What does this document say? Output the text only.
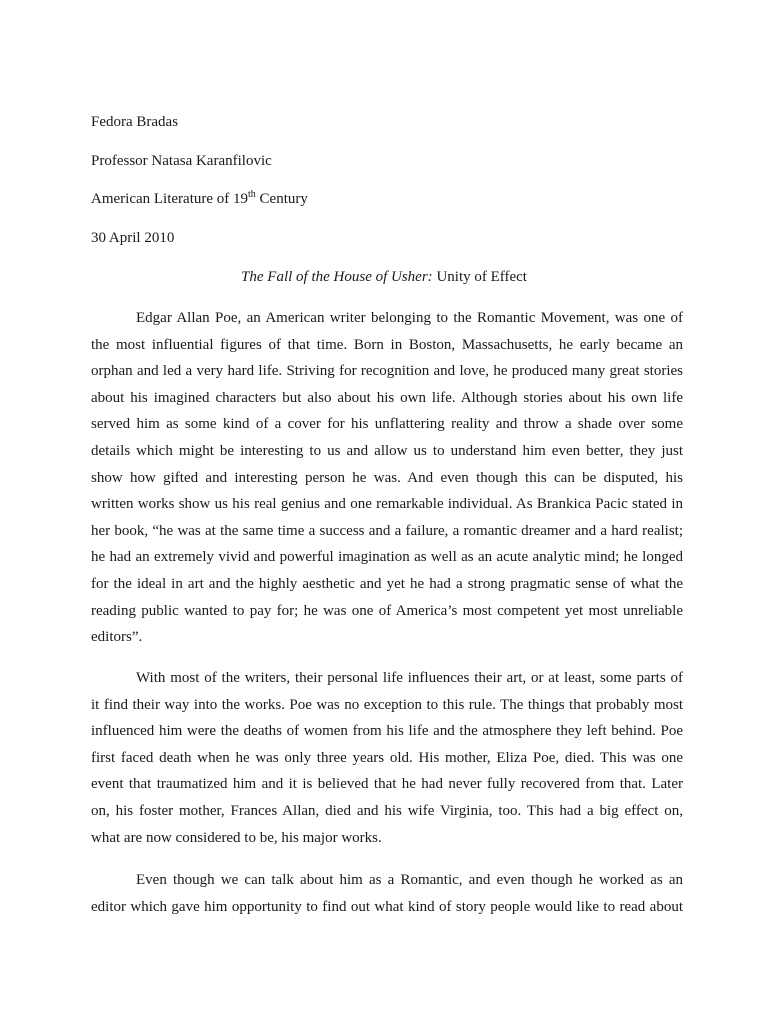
Fedora Bradas
Professor Natasa Karanfilovic
American Literature of 19th Century
30 April 2010
The Fall of the House of Usher: Unity of Effect
Edgar Allan Poe, an American writer belonging to the Romantic Movement, was one of
the most influential figures of that time. Born in Boston, Massachusetts, he early became an
orphan and led a very hard life. Striving for recognition and love, he produced many great stories
about his imagined characters but also about his own life. Although stories about his own life
served him as some kind of a cover for his unflattering reality and throw a shade over some
details which might be interesting to us and allow us to understand him even better, they just
show how gifted and interesting person he was. And even though this can be disputed, his
written works show us his real genius and one remarkable individual. As Brankica Pacic stated in
her book, “he was at the same time a success and a failure, a romantic dreamer and a hard realist;
he had an extremely vivid and powerful imagination as well as an acute analytic mind; he longed
for the ideal in art and the highly aesthetic and yet he had a strong pragmatic sense of what the
reading public wanted to pay for; he was one of America’s most competent yet most unreliable
editors”.
With most of the writers, their personal life influences their art, or at least, some parts of
it find their way into the works. Poe was no exception to this rule. The things that probably most
influenced him were the deaths of women from his life and the atmosphere they left behind. Poe
first faced death when he was only three years old. His mother, Eliza Poe, died. This was one
event that traumatized him and it is believed that he had never fully recovered from that. Later
on, his foster mother, Frances Allan, died and his wife Virginia, too. This had a big effect on,
what are now considered to be, his major works.
Even though we can talk about him as a Romantic, and even though he worked as an
editor which gave him opportunity to find out what kind of story people would like to read about
